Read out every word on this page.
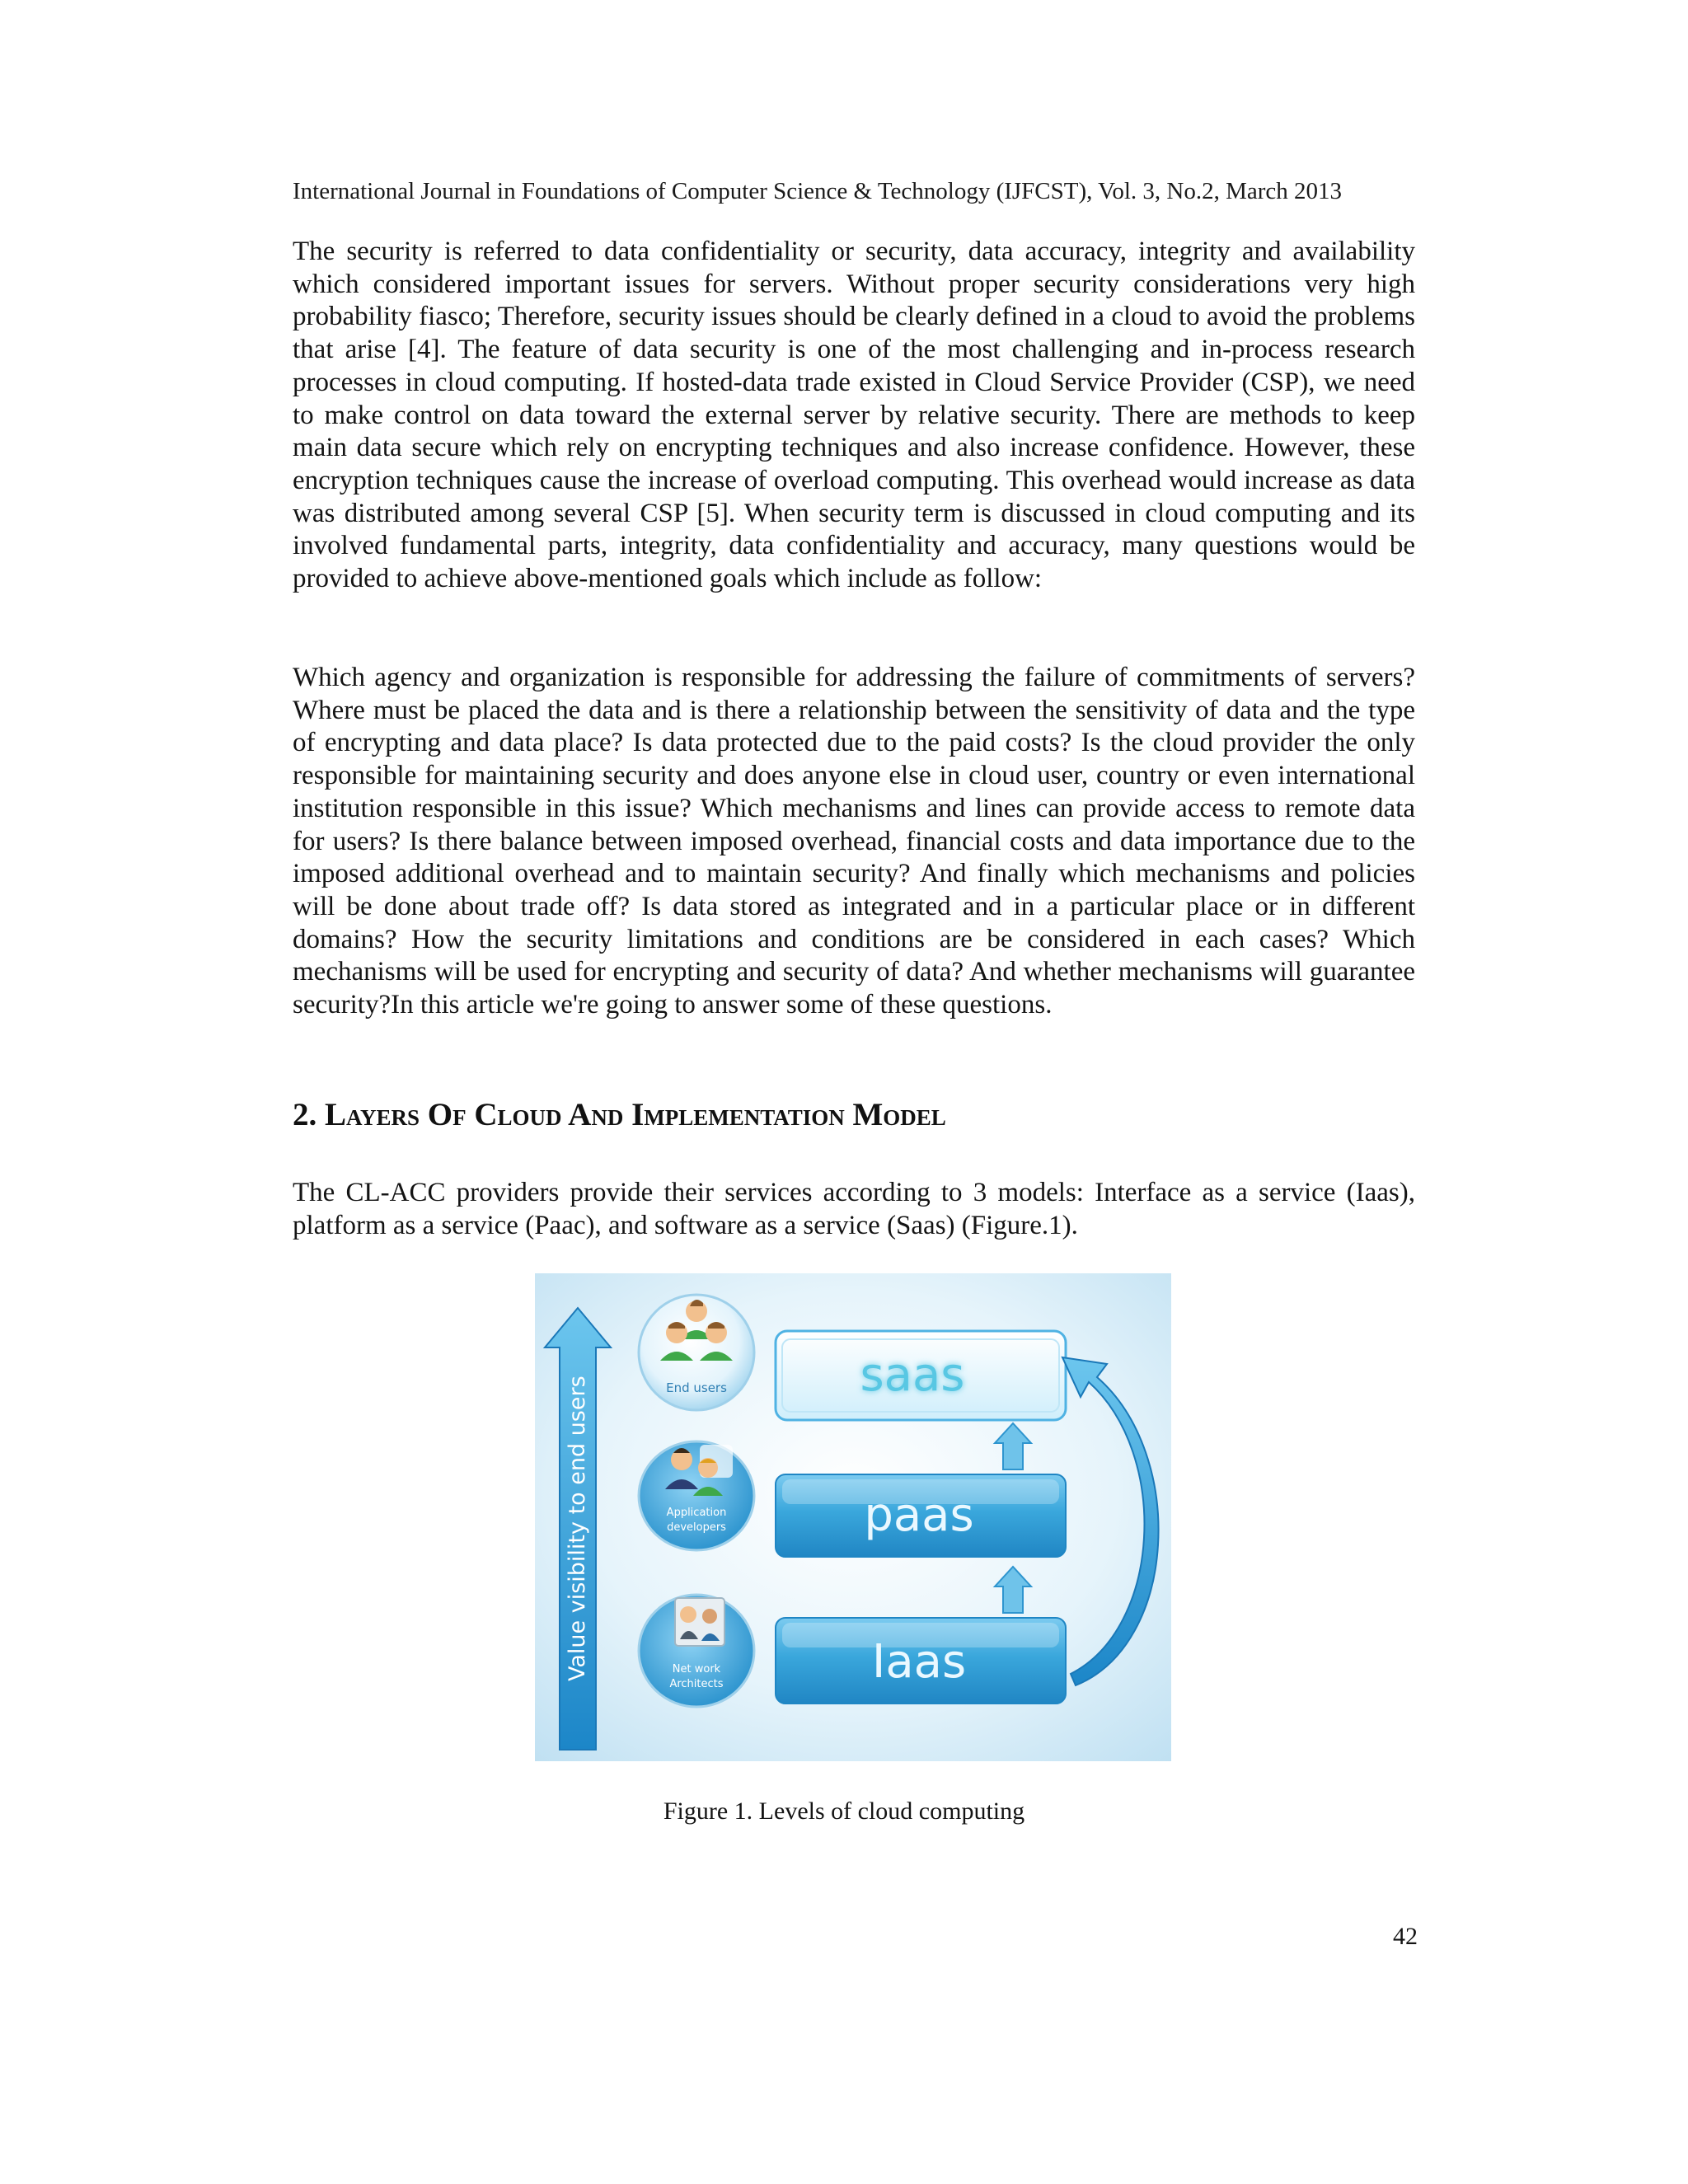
International Journal in Foundations of Computer Science & Technology (IJFCST), Vol. 3, No.2, March 2013

The security is referred to data confidentiality or security, data accuracy, integrity and availability which considered important issues for servers. Without proper security considerations very high probability fiasco; Therefore, security issues should be clearly defined in a cloud to avoid the problems that arise [4]. The feature of data security is one of the most challenging and in-process research processes in cloud computing. If hosted-data trade existed in Cloud Service Provider (CSP), we need to make control on data toward the external server by relative security. There are methods to keep main data secure which rely on encrypting techniques and also increase confidence. However, these encryption techniques cause the increase of overload computing. This overhead would increase as data was distributed among several CSP [5]. When security term is discussed in cloud computing and its involved fundamental parts, integrity, data confidentiality and accuracy, many questions would be provided to achieve above-mentioned goals which include as follow:

Which agency and organization is responsible for addressing the failure of commitments of servers? Where must be placed the data and is there a relationship between the sensitivity of data and the type of encrypting and data place? Is data protected due to the paid costs? Is the cloud provider the only responsible for maintaining security and does anyone else in cloud user, country or even international institution responsible in this issue? Which mechanisms and lines can provide access to remote data for users? Is there balance between imposed overhead, financial costs and data importance due to the imposed additional overhead and to maintain security? And finally which mechanisms and policies will be done about trade off? Is data stored as integrated and in a particular place or in different domains? How the security limitations and conditions are be considered in each cases? Which mechanisms will be used for encrypting and security of data? And whether mechanisms will guarantee security?In this article we're going to answer some of these questions.

2. Layers Of Cloud And Implementation Model

The CL-ACC providers provide their services according to 3 models: Interface as a service (Iaas), platform as a service (Paac), and software as a service (Saas) (Figure.1).

Value visibility to end users
saas
paas
Iaas
End users
Application
developers
Net work
Architects
Figure 1. Levels of cloud computing
42
